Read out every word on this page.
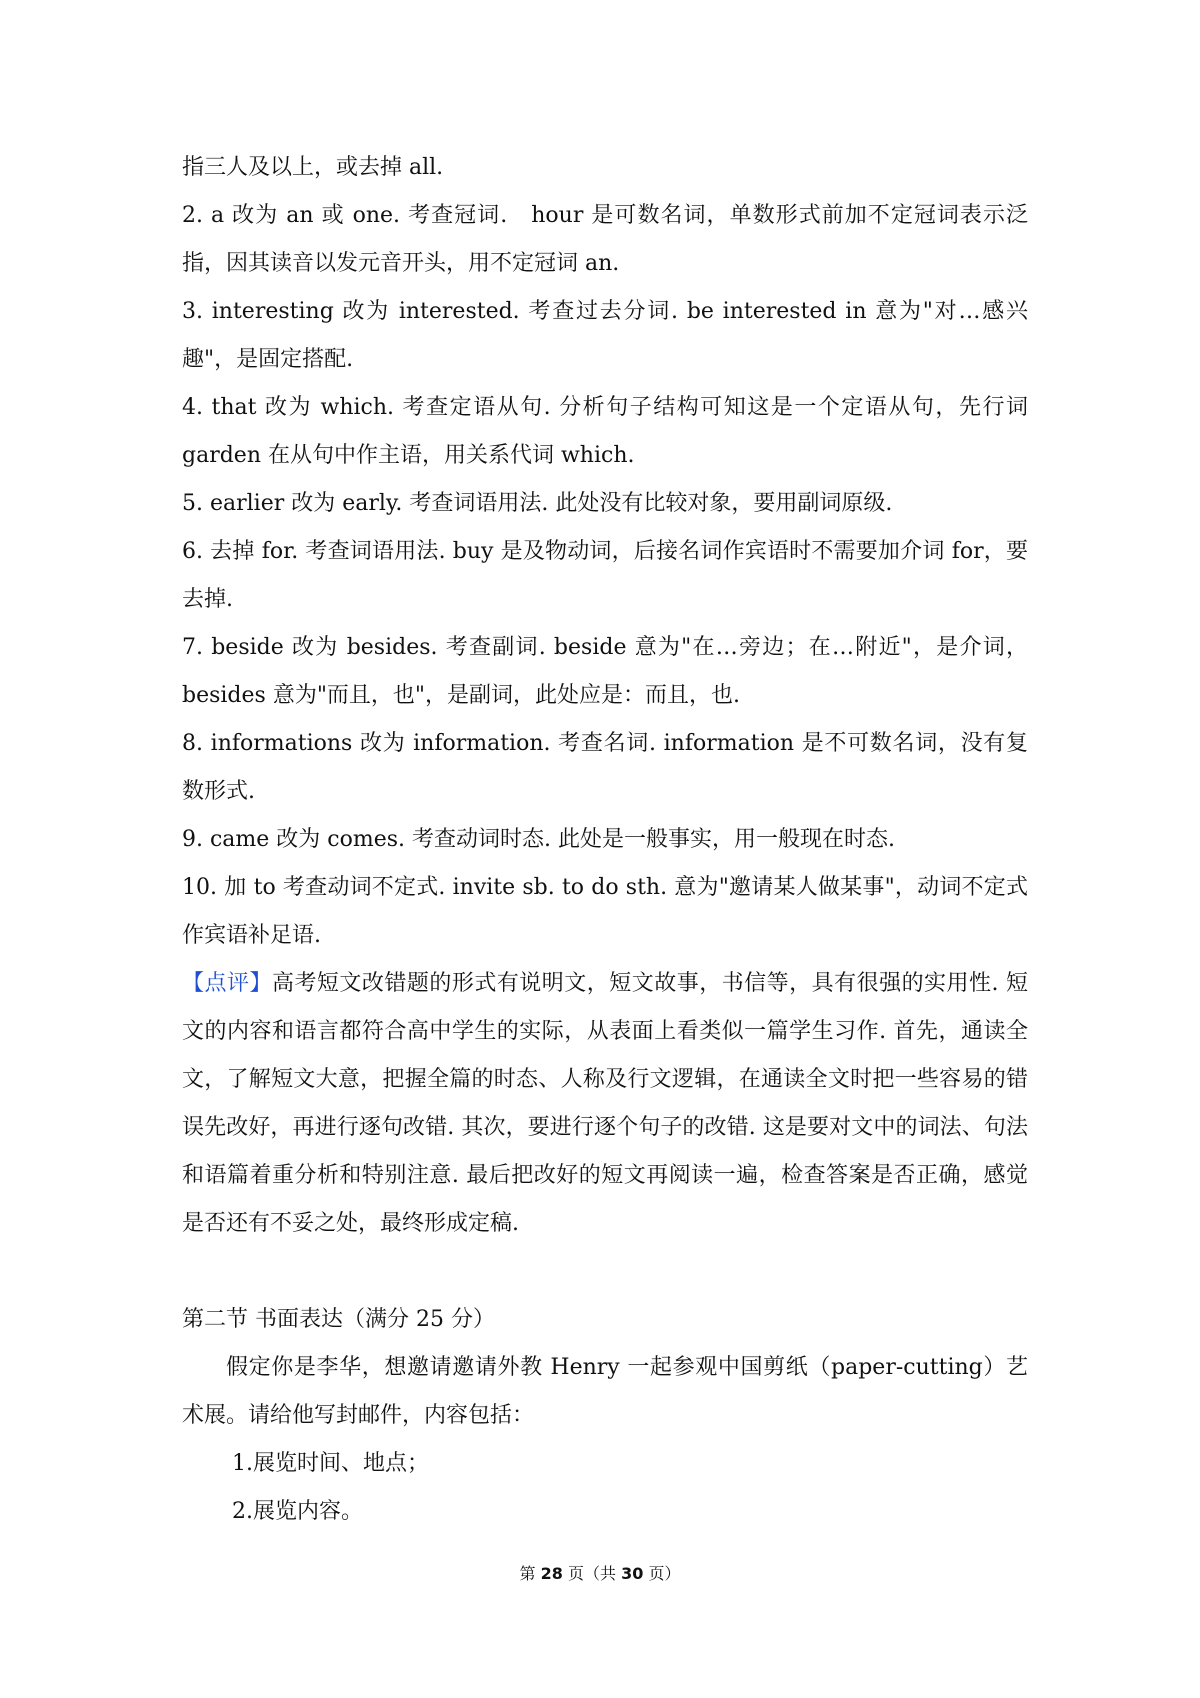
指三人及以上，或去掉 all.

2. a 改为 an 或 one. 考查冠词.　hour 是可数名词，单数形式前加不定冠词表示泛指，因其读音以发元音开头，用不定冠词 an.

3. interesting 改为 interested. 考查过去分词. be interested in 意为"对…感兴趣"，是固定搭配.

4. that 改为 which. 考查定语从句. 分析句子结构可知这是一个定语从句，先行词 garden 在从句中作主语，用关系代词 which.

5. earlier 改为 early. 考查词语用法. 此处没有比较对象，要用副词原级.

6. 去掉 for. 考查词语用法. buy 是及物动词，后接名词作宾语时不需要加介词 for，要去掉.

7. beside 改为 besides. 考查副词. beside 意为"在…旁边；在…附近"，是介词，besides 意为"而且，也"，是副词，此处应是：而且，也.

8. informations 改为 information. 考查名词. information 是不可数名词，没有复数形式.

9. came 改为 comes. 考查动词时态. 此处是一般事实，用一般现在时态.

10. 加 to 考查动词不定式. invite sb. to do sth. 意为"邀请某人做某事"，动词不定式作宾语补足语.

【点评】高考短文改错题的形式有说明文，短文故事，书信等，具有很强的实用性. 短文的内容和语言都符合高中学生的实际，从表面上看类似一篇学生习作. 首先，通读全文，了解短文大意，把握全篇的时态、人称及行文逻辑，在通读全文时把一些容易的错误先改好，再进行逐句改错. 其次，要进行逐个句子的改错. 这是要对文中的词法、句法和语篇着重分析和特别注意. 最后把改好的短文再阅读一遍，检查答案是否正确，感觉是否还有不妥之处，最终形成定稿.

第二节 书面表达（满分 25 分）

假定你是李华，想邀请邀请外教 Henry 一起参观中国剪纸（paper-cutting）艺术展。请给他写封邮件，内容包括：

1.展览时间、地点；

2.展览内容。

第 28 页（共 30 页）
